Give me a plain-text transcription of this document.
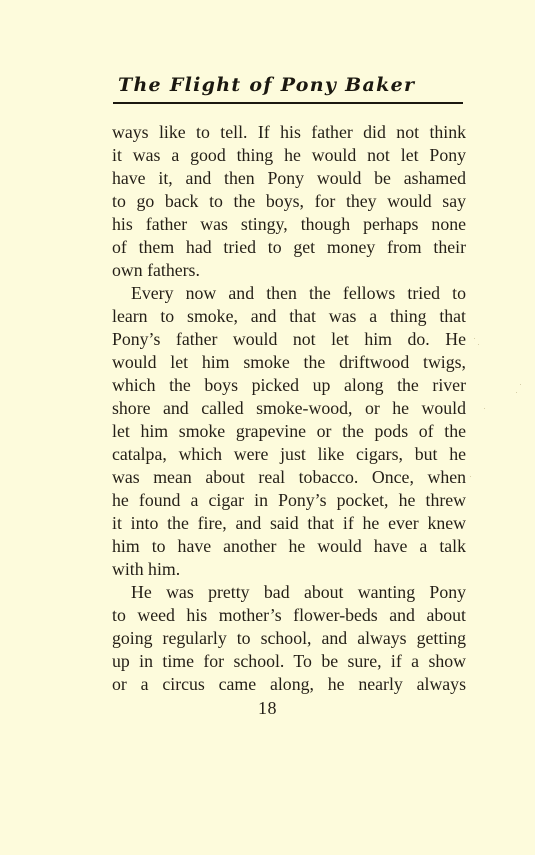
The Flight of Pony Baker
ways like to tell. If his father did not think
it was a good thing he would not let Pony
have it, and then Pony would be ashamed
to go back to the boys, for they would say
his father was stingy, though perhaps none
of them had tried to get money from their
own fathers.
Every now and then the fellows tried to
learn to smoke, and that was a thing that
Pony’s father would not let him do. He
would let him smoke the driftwood twigs,
which the boys picked up along the river
shore and called smoke-wood, or he would
let him smoke grapevine or the pods of the
catalpa, which were just like cigars, but he
was mean about real tobacco. Once, when
he found a cigar in Pony’s pocket, he threw
it into the fire, and said that if he ever knew
him to have another he would have a talk
with him.
He was pretty bad about wanting Pony
to weed his mother’s flower-beds and about
going regularly to school, and always getting
up in time for school. To be sure, if a show
or a circus came along, he nearly always
18
